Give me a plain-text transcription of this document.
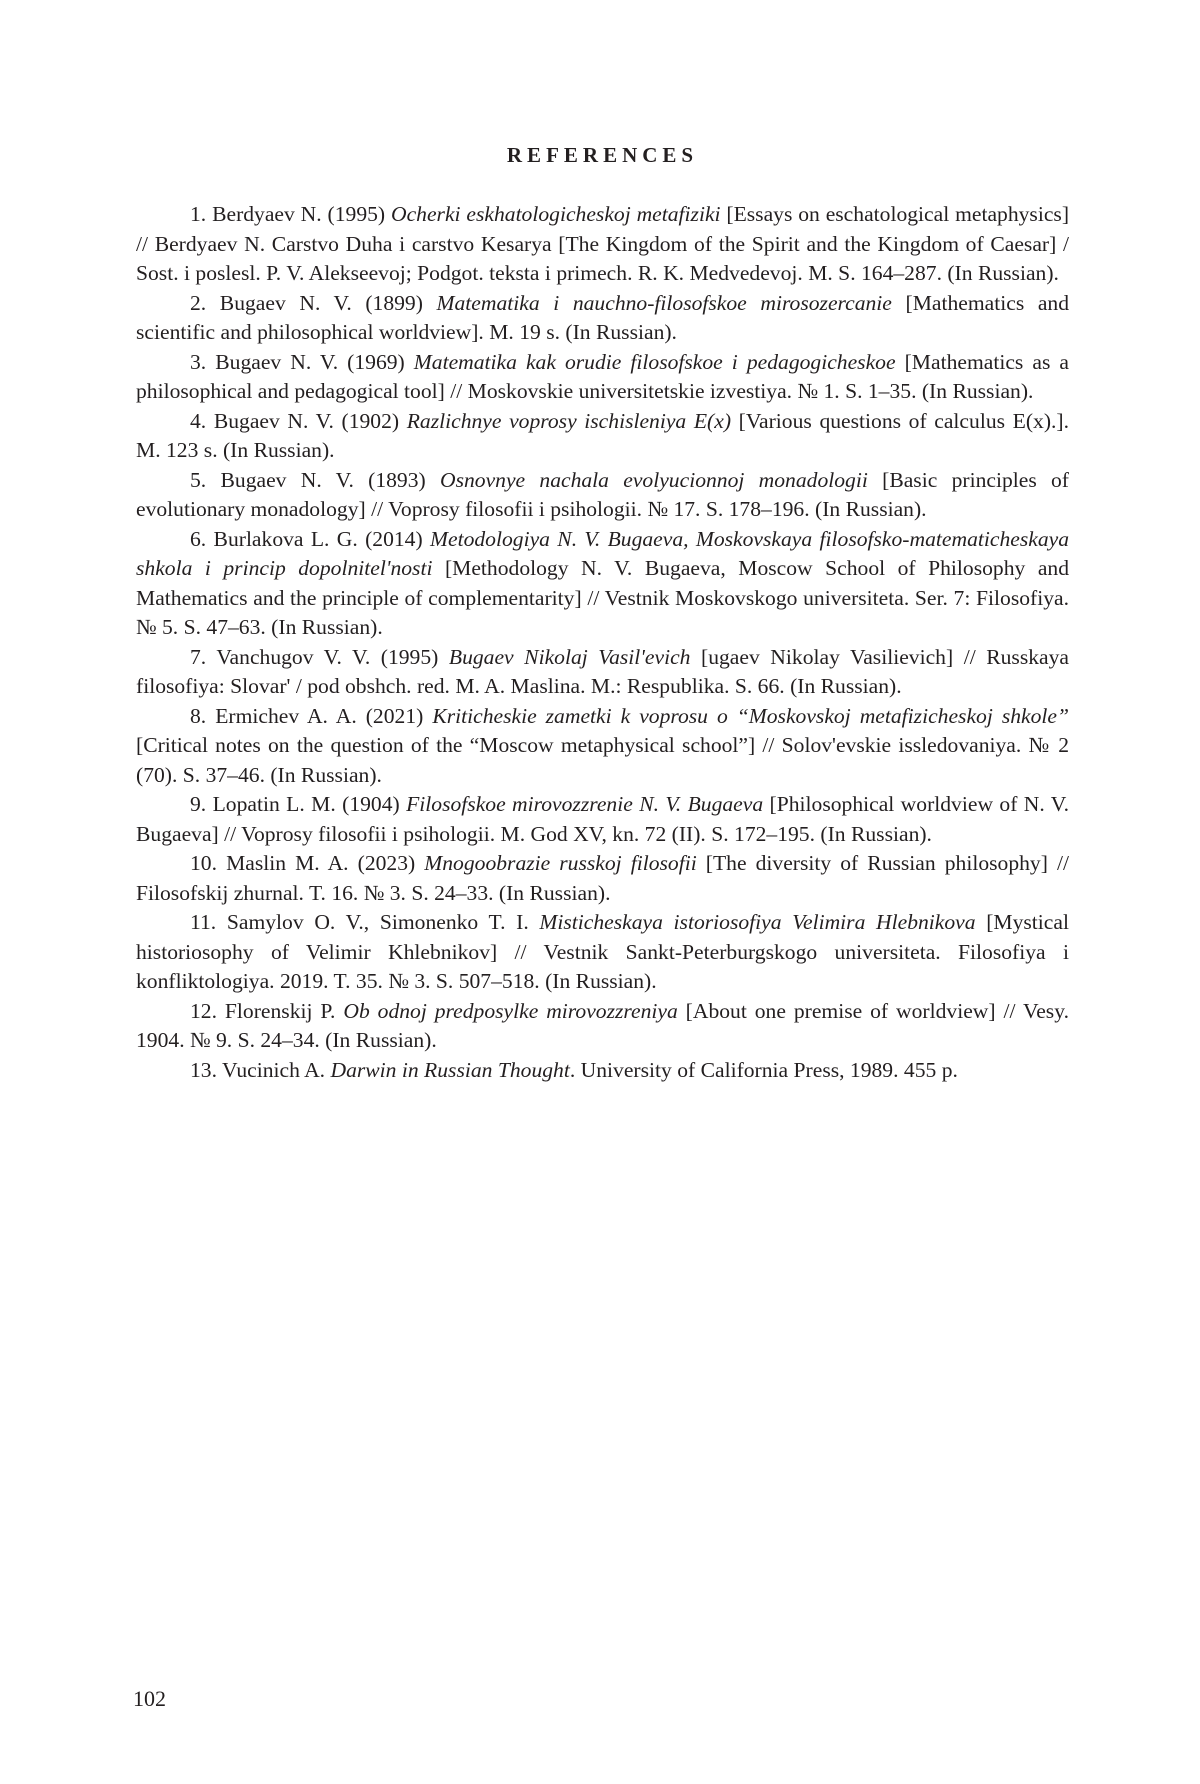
REFERENCES
1. Berdyaev N. (1995) Ocherki eskhatologicheskoj metafiziki [Essays on eschatological metaphysics] // Berdyaev N. Carstvo Duha i carstvo Kesarya [The Kingdom of the Spirit and the Kingdom of Caesar] / Sost. i poslesl. P. V. Alekseevoj; Podgot. teksta i primech. R. K. Medvedevoj. M. S. 164–287. (In Russian).
2. Bugaev N. V. (1899) Matematika i nauchno-filosofskoe mirosozercanie [Mathematics and scientific and philosophical worldview]. M. 19 s. (In Russian).
3. Bugaev N. V. (1969) Matematika kak orudie filosofskoe i pedagogicheskoe [Mathematics as a philosophical and pedagogical tool] // Moskovskie universitetskie izvestiya. № 1. S. 1–35. (In Russian).
4. Bugaev N. V. (1902) Razlichnye voprosy ischisleniya E(x) [Various questions of calculus E(x).]. M. 123 s. (In Russian).
5. Bugaev N. V. (1893) Osnovnye nachala evolyucionnoj monadologii [Basic principles of evolutionary monadology] // Voprosy filosofii i psihologii. № 17. S. 178–196. (In Russian).
6. Burlakova L. G. (2014) Metodologiya N. V. Bugaeva, Moskovskaya filosofsko-matematicheskaya shkola i princip dopolnitel'nosti [Methodology N. V. Bugaeva, Moscow School of Philosophy and Mathematics and the principle of complementarity] // Vestnik Moskovskogo universiteta. Ser. 7: Filosofiya. № 5. S. 47–63. (In Russian).
7. Vanchugov V. V. (1995) Bugaev Nikolaj Vasil'evich [ugaev Nikolay Vasilievich] // Russkaya filosofiya: Slovar' / pod obshch. red. M. A. Maslina. M.: Respublika. S. 66. (In Russian).
8. Ermichev A. A. (2021) Kriticheskie zametki k voprosu o “Moskovskoj metafizicheskoj shkole” [Critical notes on the question of the “Moscow metaphysical school”] // Solov'evskie issledovaniya. № 2 (70). S. 37–46. (In Russian).
9. Lopatin L. M. (1904) Filosofskoe mirovozzrenie N. V. Bugaeva [Philosophical worldview of N. V. Bugaeva] // Voprosy filosofii i psihologii. M. God XV, kn. 72 (II). S. 172–195. (In Russian).
10. Maslin M. A. (2023) Mnogoobrazie russkoj filosofii [The diversity of Russian philosophy] // Filosofskij zhurnal. T. 16. № 3. S. 24–33. (In Russian).
11. Samylov O. V., Simonenko T. I. Misticheskaya istoriosofiya Velimira Hlebnikova [Mystical historiosophy of Velimir Khlebnikov] // Vestnik Sankt-Peterburgskogo universiteta. Filosofiya i konfliktologiya. 2019. T. 35. № 3. S. 507–518. (In Russian).
12. Florenskij P. Ob odnoj predposylke mirovozzreniya [About one premise of worldview] // Vesy. 1904. № 9. S. 24–34. (In Russian).
13. Vucinich A. Darwin in Russian Thought. University of California Press, 1989. 455 p.
102
